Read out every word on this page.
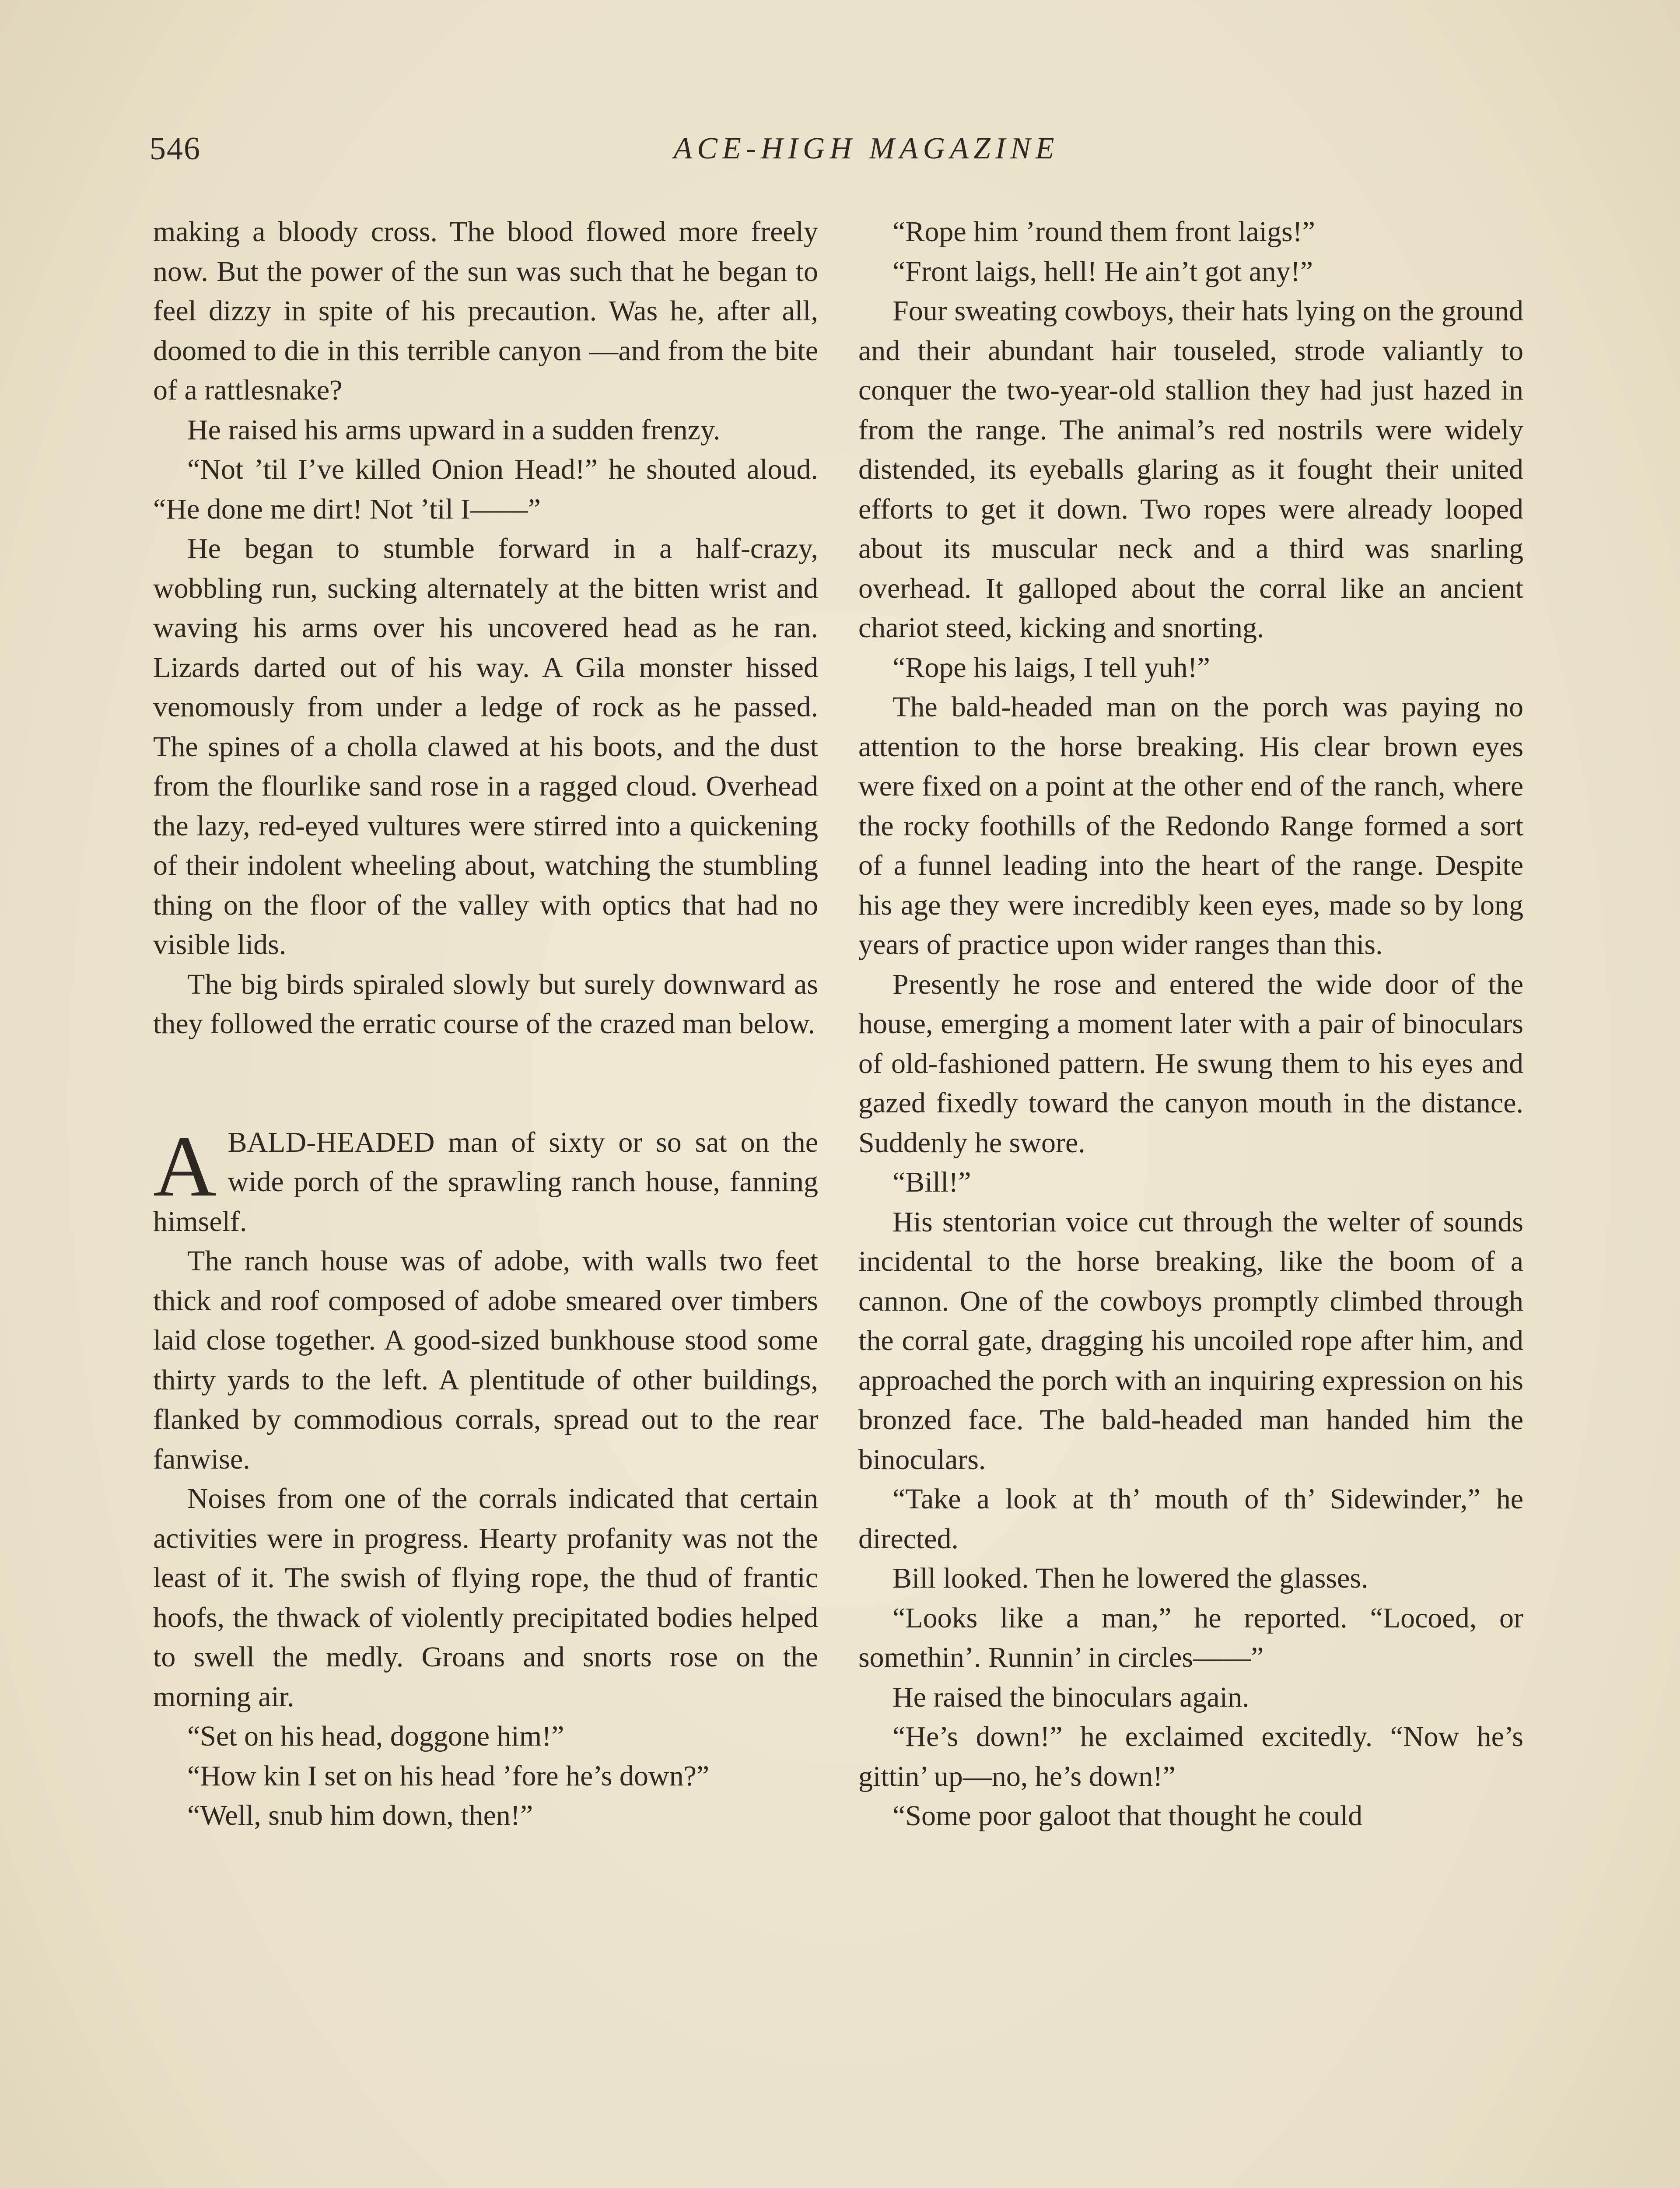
546	ACE-HIGH MAGAZINE

making a bloody cross. The blood flowed more freely now. But the power of the sun was such that he began to feel dizzy in spite of his precaution. Was he, after all, doomed to die in this terrible canyon —and from the bite of a rattlesnake?

He raised his arms upward in a sudden frenzy.

“Not ’til I’ve killed Onion Head!” he shouted aloud. “He done me dirt! Not ’til I——”

He began to stumble forward in a half-crazy, wobbling run, sucking alternately at the bitten wrist and waving his arms over his uncovered head as he ran. Lizards darted out of his way. A Gila monster hissed venomously from under a ledge of rock as he passed. The spines of a cholla clawed at his boots, and the dust from the flourlike sand rose in a ragged cloud. Overhead the lazy, red-eyed vultures were stirred into a quickening of their indolent wheeling about, watching the stumbling thing on the floor of the valley with optics that had no visible lids.

The big birds spiraled slowly but surely downward as they followed the erratic course of the crazed man below.

ABALD-HEADED man of sixty or so sat on the wide porch of the sprawling ranch house, fanning himself.

The ranch house was of adobe, with walls two feet thick and roof composed of adobe smeared over timbers laid close together. A good-sized bunkhouse stood some thirty yards to the left. A plentitude of other buildings, flanked by commodious corrals, spread out to the rear fanwise.

Noises from one of the corrals indicated that certain activities were in progress. Hearty profanity was not the least of it. The swish of flying rope, the thud of frantic hoofs, the thwack of violently precipitated bodies helped to swell the medly. Groans and snorts rose on the morning air.

“Set on his head, doggone him!”

“How kin I set on his head ’fore he’s down?”

“Well, snub him down, then!”

“Rope him ’round them front laigs!”

“Front laigs, hell! He ain’t got any!”

Four sweating cowboys, their hats lying on the ground and their abundant hair touseled, strode valiantly to conquer the two-year-old stallion they had just hazed in from the range. The animal’s red nostrils were widely distended, its eyeballs glaring as it fought their united efforts to get it down. Two ropes were already looped about its muscular neck and a third was snarling overhead. It galloped about the corral like an ancient chariot steed, kicking and snorting.

“Rope his laigs, I tell yuh!”

The bald-headed man on the porch was paying no attention to the horse breaking. His clear brown eyes were fixed on a point at the other end of the ranch, where the rocky foothills of the Redondo Range formed a sort of a funnel leading into the heart of the range. Despite his age they were incredibly keen eyes, made so by long years of practice upon wider ranges than this.

Presently he rose and entered the wide door of the house, emerging a moment later with a pair of binoculars of old-fashioned pattern. He swung them to his eyes and gazed fixedly toward the canyon mouth in the distance. Suddenly he swore.

“Bill!”

His stentorian voice cut through the welter of sounds incidental to the horse breaking, like the boom of a cannon. One of the cowboys promptly climbed through the corral gate, dragging his uncoiled rope after him, and approached the porch with an inquiring expression on his bronzed face. The bald-headed man handed him the binoculars.

“Take a look at th’ mouth of th’ Sidewinder,” he directed.

Bill looked. Then he lowered the glasses.

“Looks like a man,” he reported. “Locoed, or somethin’. Runnin’ in circles——”

He raised the binoculars again.

“He’s down!” he exclaimed excitedly. “Now he’s gittin’ up—no, he’s down!”

“Some poor galoot that thought he could
